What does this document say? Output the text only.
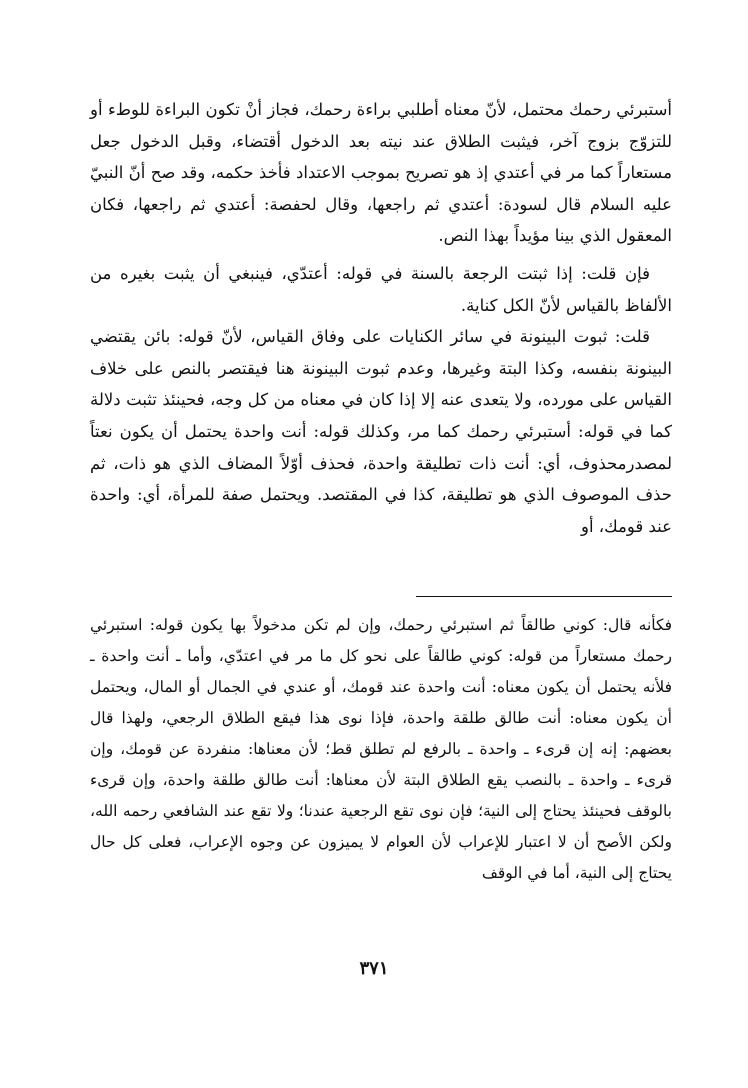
أستبرئي رحمك محتمل، لأنّ معناه أطلبي براءة رحمك، فجاز أنْ تكون البراءة للوطء أو للتزوّج بزوج آخر، فيثبت الطلاق عند نيته بعد الدخول أقتضاء، وقبل الدخول جعل مستعاراً كما مر في أعتدي إذ هو تصريح بموجب الاعتداد فأخذ حكمه، وقد صح أنّ النبيّ عليه السلام قال لسودة: أعتدي ثم راجعها، وقال لحفصة: أعتدي ثم راجعها، فكان المعقول الذي بينا مؤيداً بهذا النص.

فإن قلت: إذا ثبتت الرجعة بالسنة في قوله: أعتدّي، فينبغي أن يثبت بغيره من الألفاظ بالقياس لأنّ الكل كناية.

قلت: ثبوت البينونة في سائر الكنايات على وفاق القياس، لأنّ قوله: بائن يقتضي البينونة بنفسه، وكذا البتة وغيرها، وعدم ثبوت البينونة هنا فيقتصر بالنص على خلاف القياس على مورده، ولا يتعدى عنه إلا إذا كان في معناه من كل وجه، فحينئذ تثبت دلالة كما في قوله: أستبرئي رحمك كما مر، وكذلك قوله: أنت واحدة يحتمل أن يكون نعتاً لمصدرمحذوف، أي: أنت ذات تطليقة واحدة، فحذف أوّلاً المضاف الذي هو ذات، ثم حذف الموصوف الذي هو تطليقة، كذا في المقتصد. ويحتمل صفة للمرأة، أي: واحدة عند قومك، أو

فكأنه قال: كوني طالقاً ثم استبرئي رحمك، وإن لم تكن مدخولاً بها يكون قوله: استبرئي رحمك مستعاراً من قوله: كوني طالقاً على نحو كل ما مر في اعتدّي، وأما ـ أنت واحدة ـ فلأنه يحتمل أن يكون معناه: أنت واحدة عند قومك، أو عندي في الجمال أو المال، ويحتمل أن يكون معناه: أنت طالق طلقة واحدة، فإذا نوى هذا فيقع الطلاق الرجعي، ولهذا قال بعضهم: إنه إن قرىء ـ واحدة ـ بالرفع لم تطلق قط؛ لأن معناها: منفردة عن قومك، وإن قرىء ـ واحدة ـ بالنصب يقع الطلاق البتة لأن معناها: أنت طالق طلقة واحدة، وإن قرىء بالوقف فحينئذ يحتاج إلى النية؛ فإن نوى تقع الرجعية عندنا؛ ولا تقع عند الشافعي رحمه الله، ولكن الأصح أن لا اعتبار للإعراب لأن العوام لا يميزون عن وجوه الإعراب، فعلى كل حال يحتاج إلى النية، أما في الوقف

٣٧١
